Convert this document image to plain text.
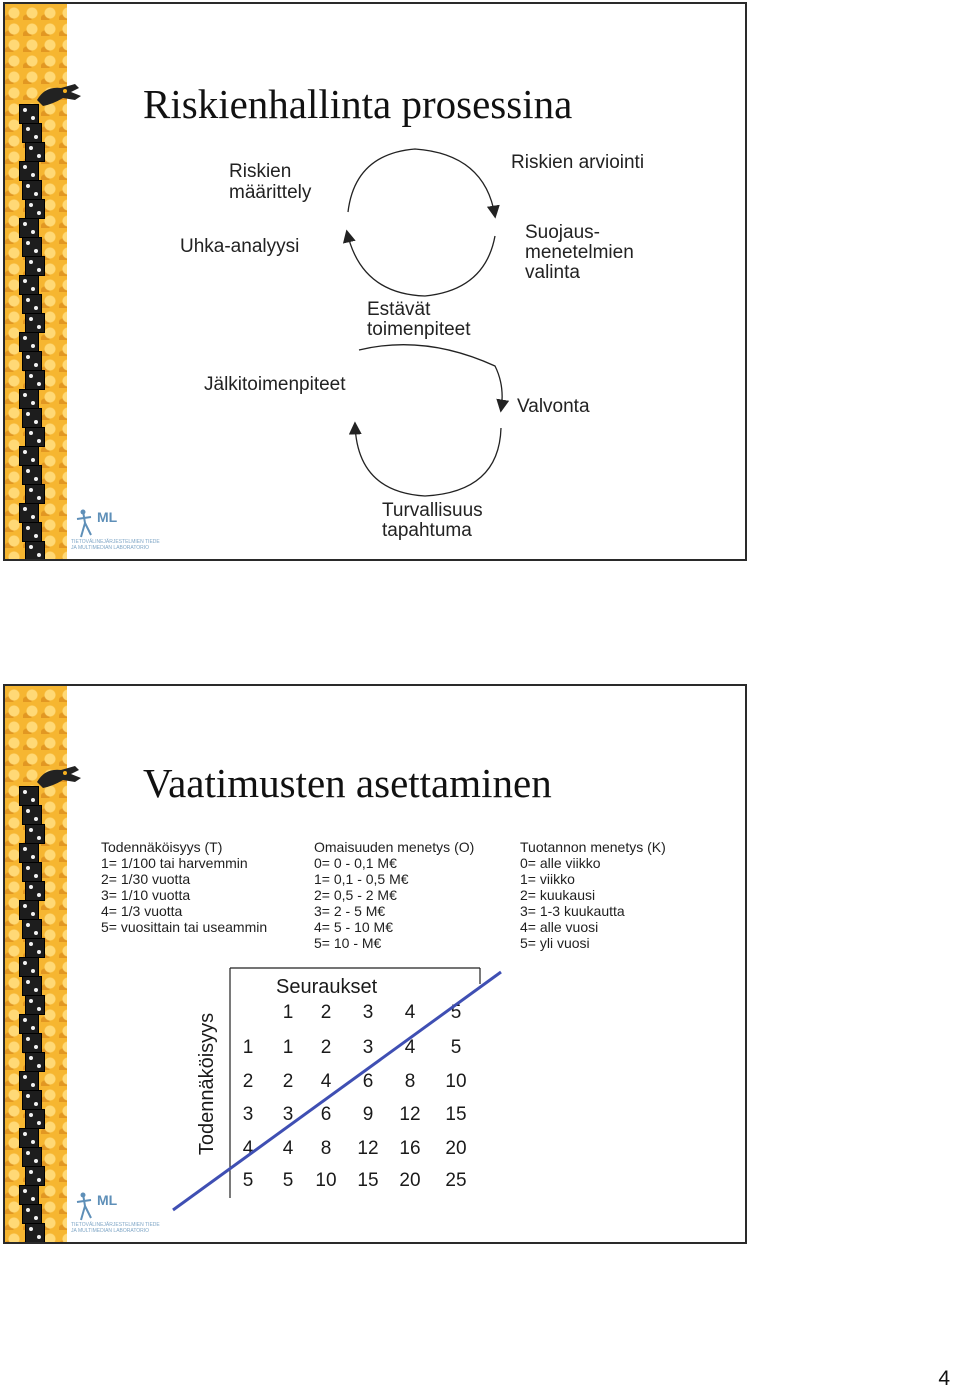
ML
TIETOVÄLINEJÄRJESTELMIEN TIEDE
JA MULTIMEDIAN LABORATORIO
Riskienhallinta prosessina
Riskien
määrittely
Riskien arviointi
Uhka-analyysi
Suojaus-
menetelmien
valinta
Estävät
toimenpiteet
Jälkitoimenpiteet
Valvonta
Turvallisuus
tapahtuma
ML
TIETOVÄLINEJÄRJESTELMIEN TIEDE
JA MULTIMEDIAN LABORATORIO
Vaatimusten asettaminen
Todennäköisyys (T)
1= 1/100 tai harvemmin
2= 1/30 vuotta
3= 1/10 vuotta
4= 1/3 vuotta
5= vuosittain tai useammin
Omaisuuden menetys (O)
0= 0 - 0,1 M€
1= 0,1 - 0,5 M€
2= 0,5 - 2 M€
3= 2 - 5 M€
4= 5 - 10 M€
5= 10 - M€
Tuotannon menetys (K)
0= alle viikko
1= viikko
2= kuukausi
3= 1-3 kuukautta
4= alle vuosi
5= yli vuosi
Todennäköisyys
Seuraukset
1 2 3 4 5
1
2
3
4
5
1 2 3 4 5
2 4 6 8 10
3 6 9 12 15
4 8 12 16 20
5 10 15 20 25
4
